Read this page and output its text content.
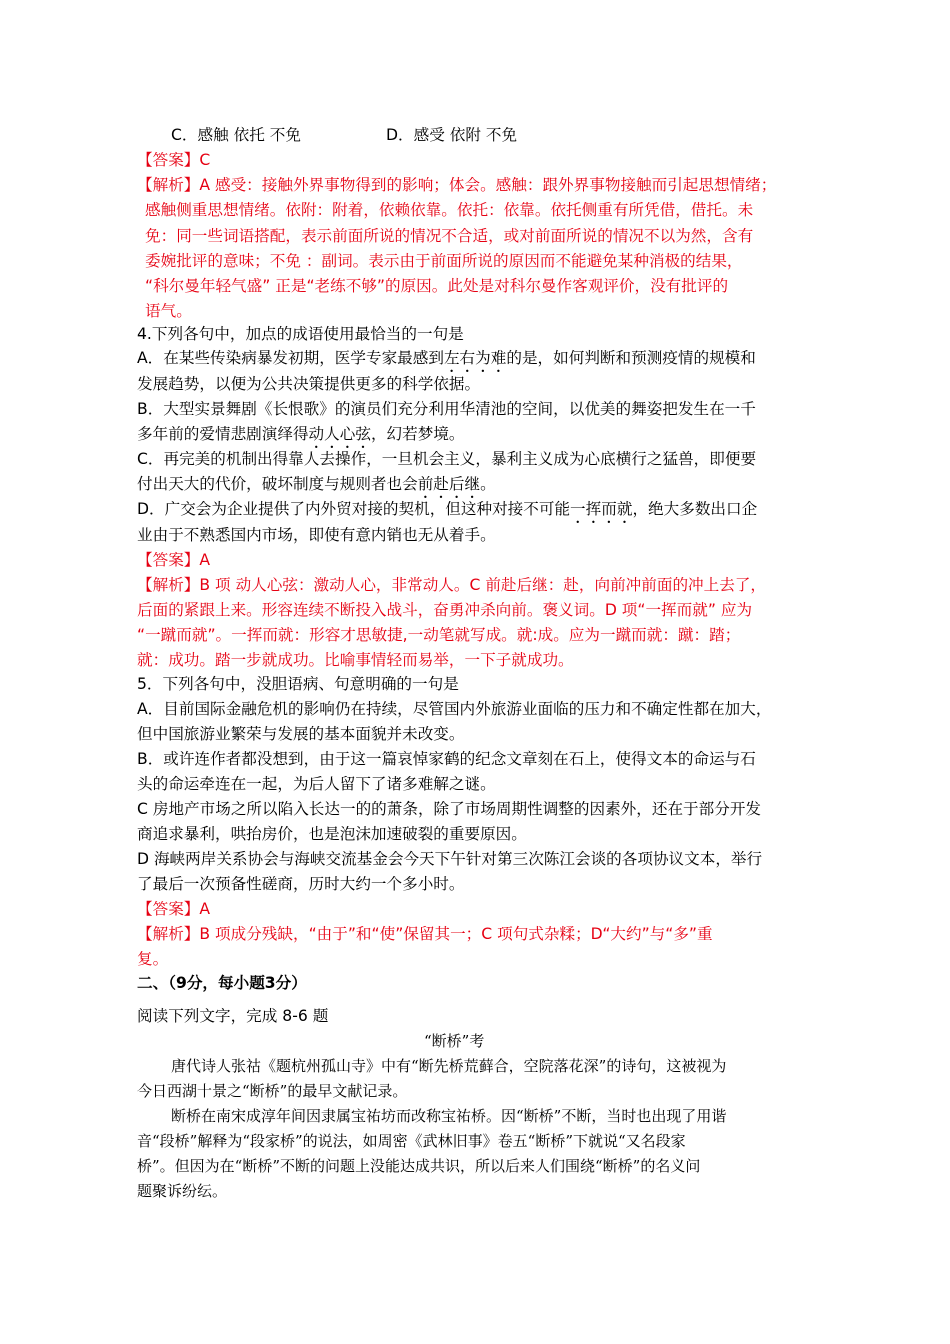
C．感触 依托 不免	D．感受 依附 不免
【答案】C
【解析】A 感受：接触外界事物得到的影响；体会。感触：跟外界事物接触而引起思想情绪；
感触侧重思想情绪。依附：附着，依赖依靠。依托：依靠。依托侧重有所凭借，借托。未
免：同一些词语搭配，表示前面所说的情况不合适，或对前面所说的情况不以为然，含有
委婉批评的意味；不免 ：副词。表示由于前面所说的原因而不能避免某种消极的结果，
“科尔曼年轻气盛” 正是“老练不够”的原因。此处是对科尔曼作客观评价，没有批评的
语气。
4.下列各句中，加点的成语使用最恰当的一句是
A．在某些传染病暴发初期，医学专家最感到左右为难的是，如何判断和预测疫情的规模和
发展趋势，以便为公共决策提供更多的科学依据。
B．大型实景舞剧《长恨歌》的演员们充分利用华清池的空间，以优美的舞姿把发生在一千
多年前的爱情悲剧演绎得动人心弦，幻若梦境。
C．再完美的机制出得靠人去操作，一旦机会主义，暴利主义成为心底横行之猛兽，即便要
付出天大的代价，破坏制度与规则者也会前赴后继。
D．广交会为企业提供了内外贸对接的契机，但这种对接不可能一挥而就，绝大多数出口企
业由于不熟悉国内市场，即使有意内销也无从着手。
【答案】A
【解析】B 项 动人心弦：激动人心，非常动人。C 前赴后继：赴，向前冲前面的冲上去了，
后面的紧跟上来。形容连续不断投入战斗，奋勇冲杀向前。褒义词。D 项“一挥而就” 应为
“一蹴而就”。一挥而就：形容才思敏捷,一动笔就写成。就:成。应为一蹴而就：蹴：踏；
就：成功。踏一步就成功。比喻事情轻而易举，一下子就成功。
5．下列各句中，没胆语病、句意明确的一句是
A．目前国际金融危机的影响仍在持续，尽管国内外旅游业面临的压力和不确定性都在加大，
但中国旅游业繁荣与发展的基本面貌并未改变。
B．或许连作者都没想到，由于这一篇哀悼家鹤的纪念文章刻在石上，使得文本的命运与石
头的命运牵连在一起，为后人留下了诸多难解之谜。
C 房地产市场之所以陷入长达一的的萧条，除了市场周期性调整的因素外，还在于部分开发
商追求暴利，哄抬房价，也是泡沫加速破裂的重要原因。
D 海峡两岸关系协会与海峡交流基金会今天下午针对第三次陈江会谈的各项协议文本，举行
了最后一次预备性磋商，历时大约一个多小时。
【答案】A
【解析】B 项成分残缺，“由于”和“使”保留其一；C 项句式杂糅；D“大约”与“多”重
复。
二、（9分，每小题3分）
阅读下列文字，完成 8-6 题
“断桥”考
唐代诗人张祜《题杭州孤山寺》中有“断先桥荒藓合，空院落花深”的诗句，这被视为
今日西湖十景之“断桥”的最早文献记录。
断桥在南宋成淳年间因隶属宝祐坊而改称宝祐桥。因“断桥”不断，当时也出现了用谐
音“段桥”解释为“段家桥”的说法，如周密《武林旧事》卷五“断桥”下就说“又名段家
桥”。但因为在“断桥”不断的问题上没能达成共识，所以后来人们围绕“断桥”的名义问
题聚诉纷纭。
